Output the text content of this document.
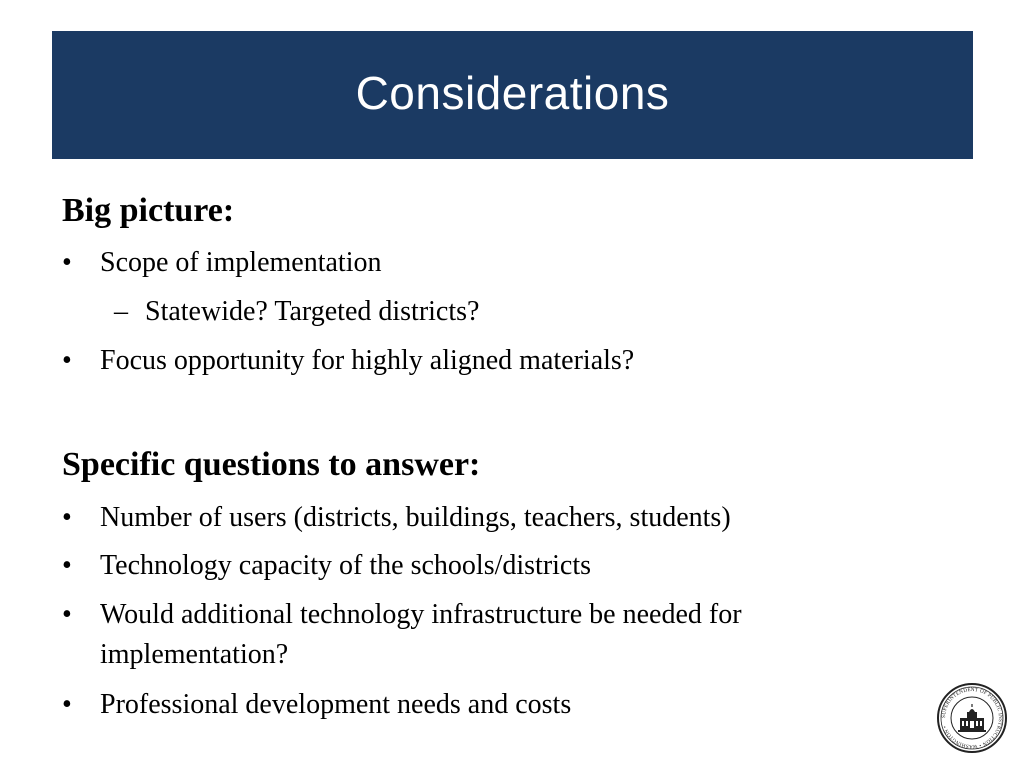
Considerations
Big picture:
•	Scope of implementation
– Statewide? Targeted districts?
•	Focus opportunity for highly aligned materials?
Specific questions to answer:
•	Number of users (districts, buildings, teachers, students)
•	Technology capacity of the schools/districts
•	Would additional technology infrastructure be needed for implementation?
•	Professional development needs and costs	SUPERINTENDENT OF PUBLIC INSTRUCTION • WASHINGTON •
